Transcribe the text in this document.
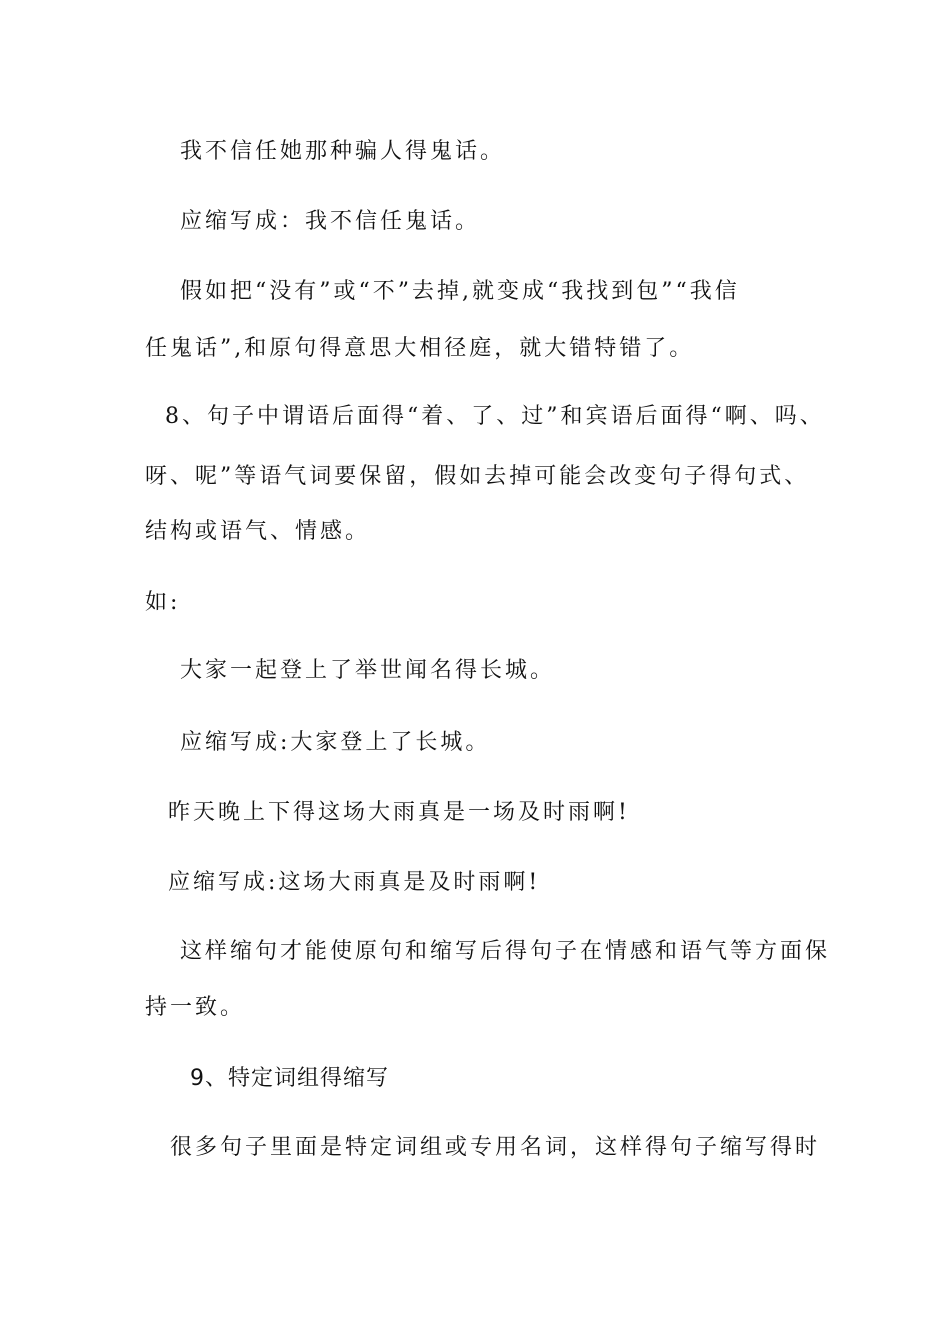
我不信任她那种骗人得鬼话。

应缩写成：我不信任鬼话。

假如把“没有”或“不”去掉,就变成“我找到包”“我信

任鬼话”,和原句得意思大相径庭，就大错特错了。

8、句子中谓语后面得“着、了、过”和宾语后面得“啊、吗、

呀、呢”等语气词要保留，假如去掉可能会改变句子得句式、

结构或语气、情感。

如:

大家一起登上了举世闻名得长城。

应缩写成:大家登上了长城。

昨天晚上下得这场大雨真是一场及时雨啊!

应缩写成:这场大雨真是及时雨啊!

这样缩句才能使原句和缩写后得句子在情感和语气等方面保

持一致。

9、特定词组得缩写

很多句子里面是特定词组或专用名词，这样得句子缩写得时
